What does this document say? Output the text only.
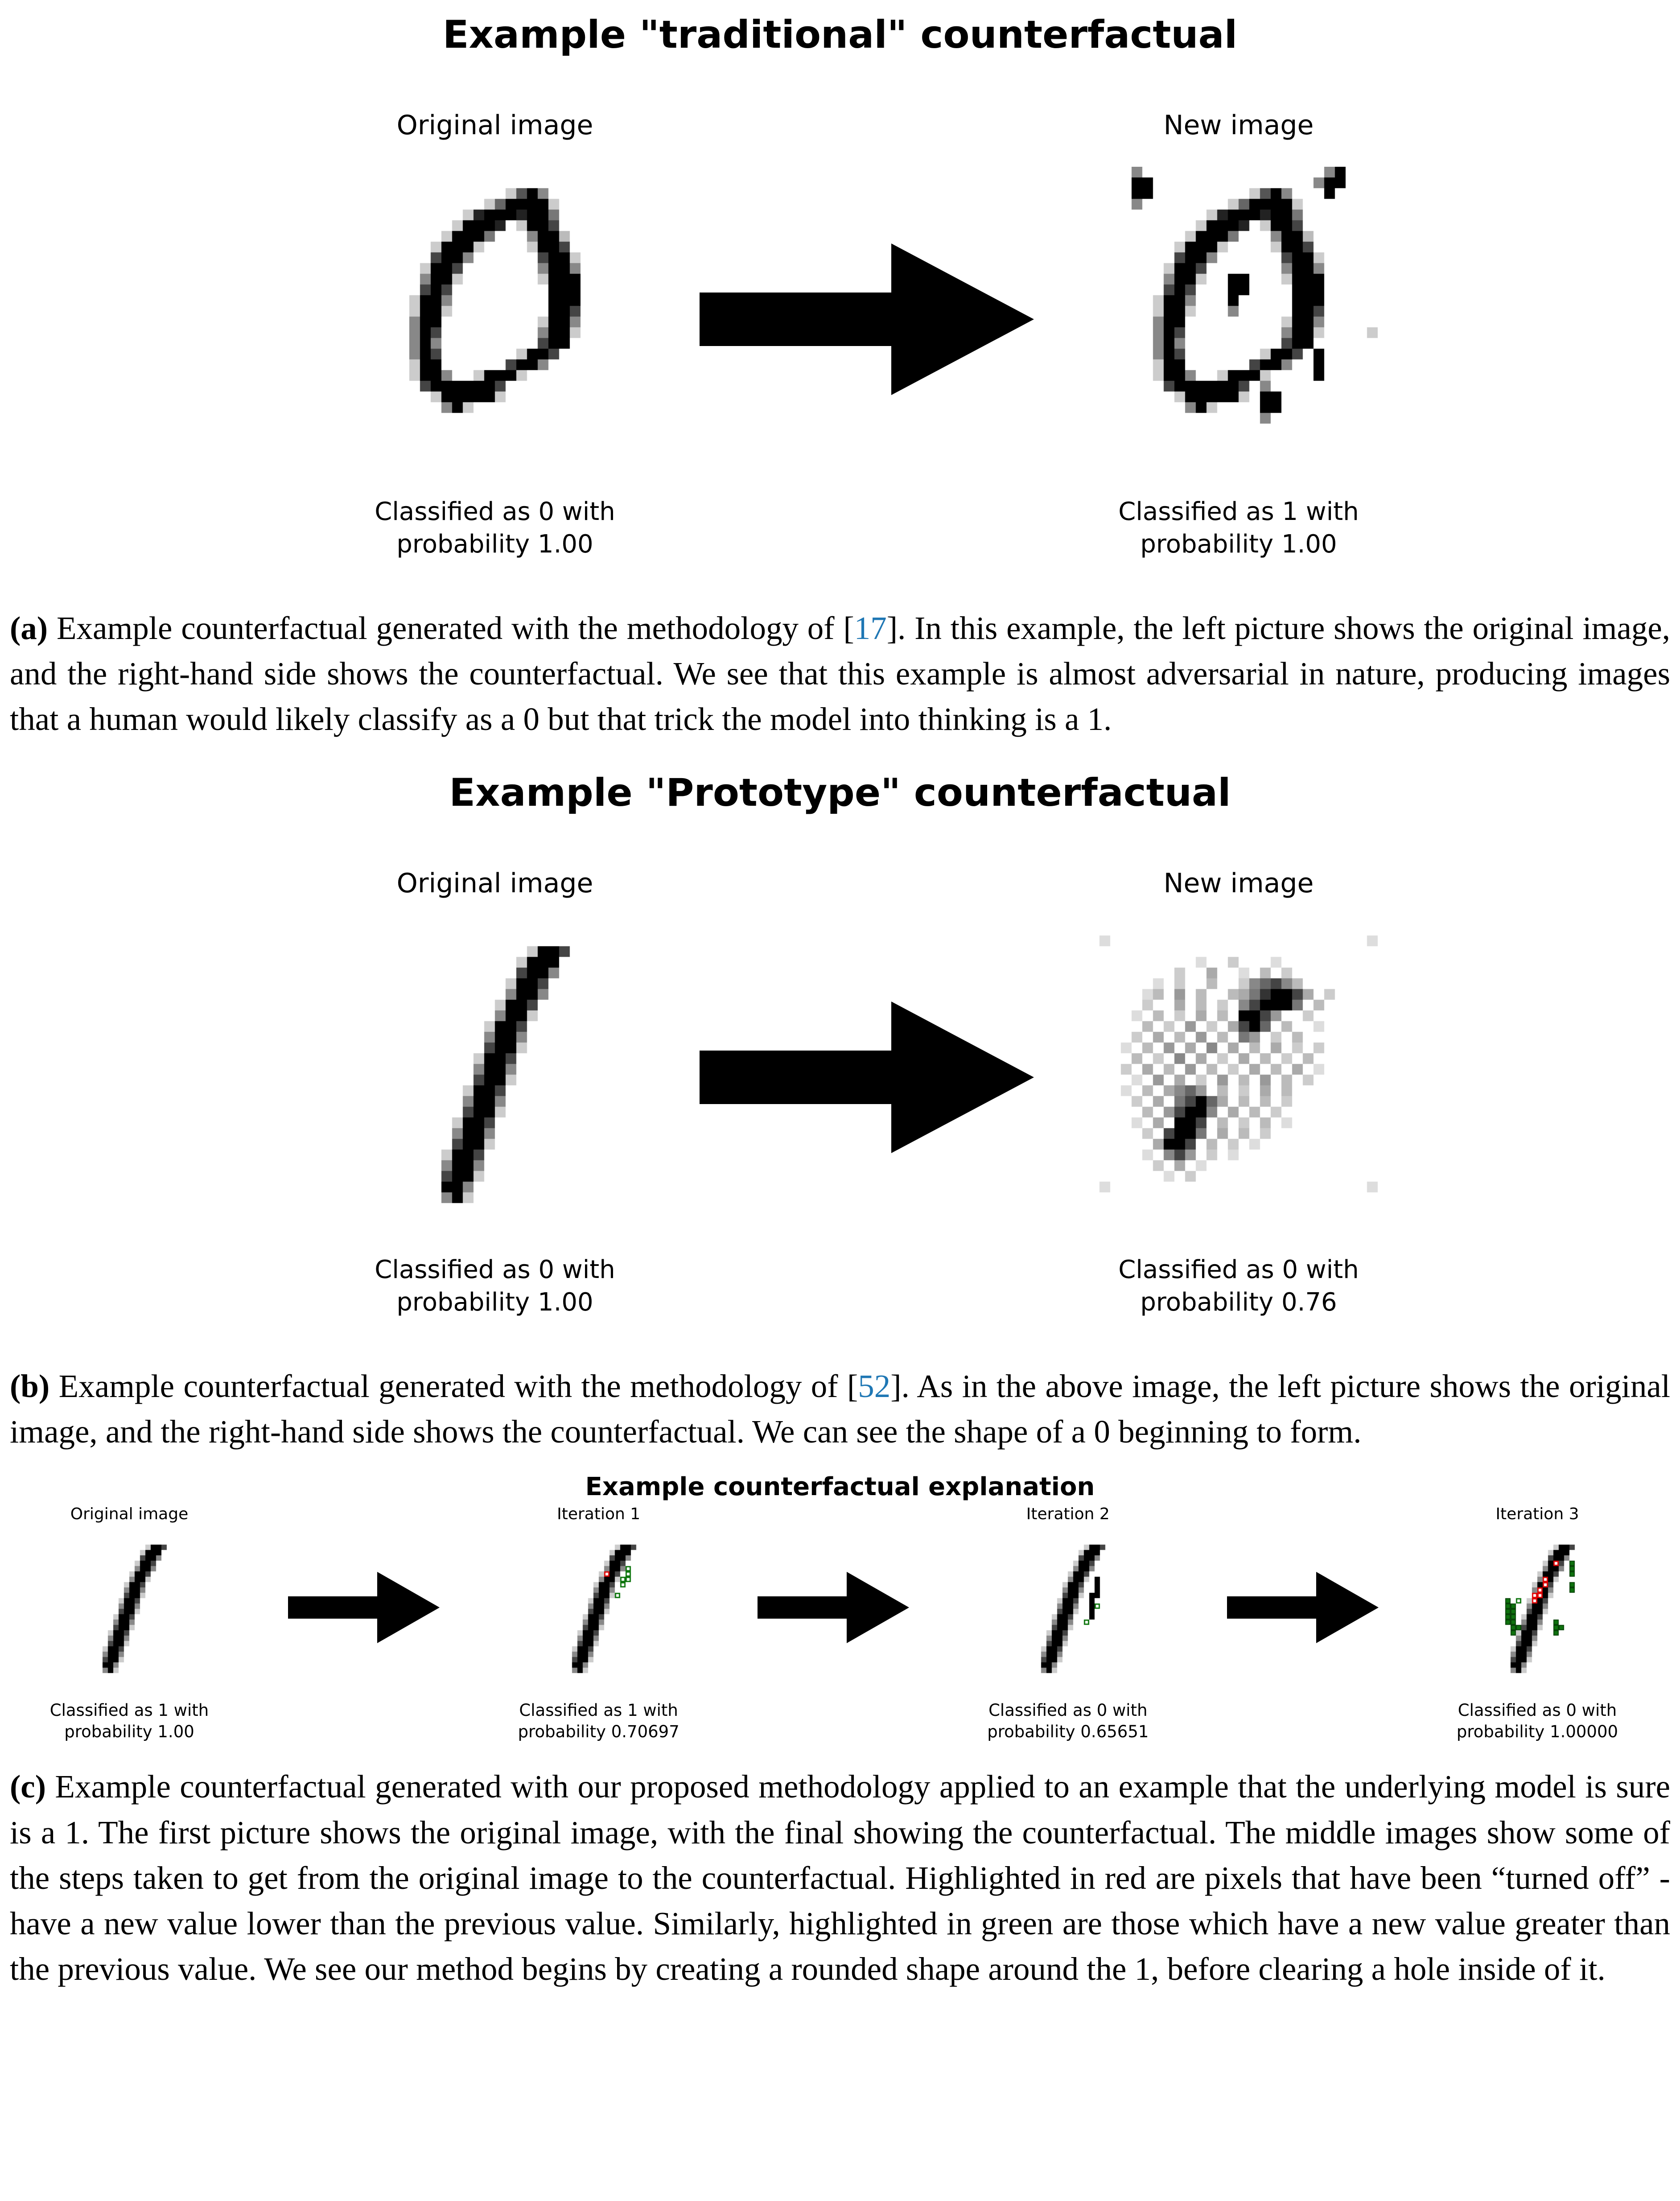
Example "traditional" counterfactual
Original image
Classified as 0 with
probability 1.00
New image
Classified as 1 with
probability 1.00

(a) Example counterfactual generated with the methodology of [17]. In this example, the left picture shows the original image, and the right-hand side shows the counterfactual. We see that this example is almost adversarial in nature, producing images that a human would likely classify as a 0 but that trick the model into thinking is a 1.

Example "Prototype" counterfactual
Original image
Classified as 0 with
probability 1.00
New image
Classified as 0 with
probability 0.76

(b) Example counterfactual generated with the methodology of [52]. As in the above image, the left picture shows the original image, and the right-hand side shows the counterfactual. We can see the shape of a 0 beginning to form.

Example counterfactual explanation
Original image
Classified as 1 with
probability 1.00
Iteration 1
Classified as 1 with
probability 0.70697
Iteration 2
Classified as 0 with
probability 0.65651
Iteration 3
Classified as 0 with
probability 1.00000

(c) Example counterfactual generated with our proposed methodology applied to an example that the underlying model is sure is a 1. The first picture shows the original image, with the final showing the counterfactual. The middle images show some of the steps taken to get from the original image to the counterfactual. Highlighted in red are pixels that have been “turned off” - have a new value lower than the previous value. Similarly, highlighted in green are those which have a new value greater than the previous value. We see our method begins by creating a rounded shape around the 1, before clearing a hole inside of it.
